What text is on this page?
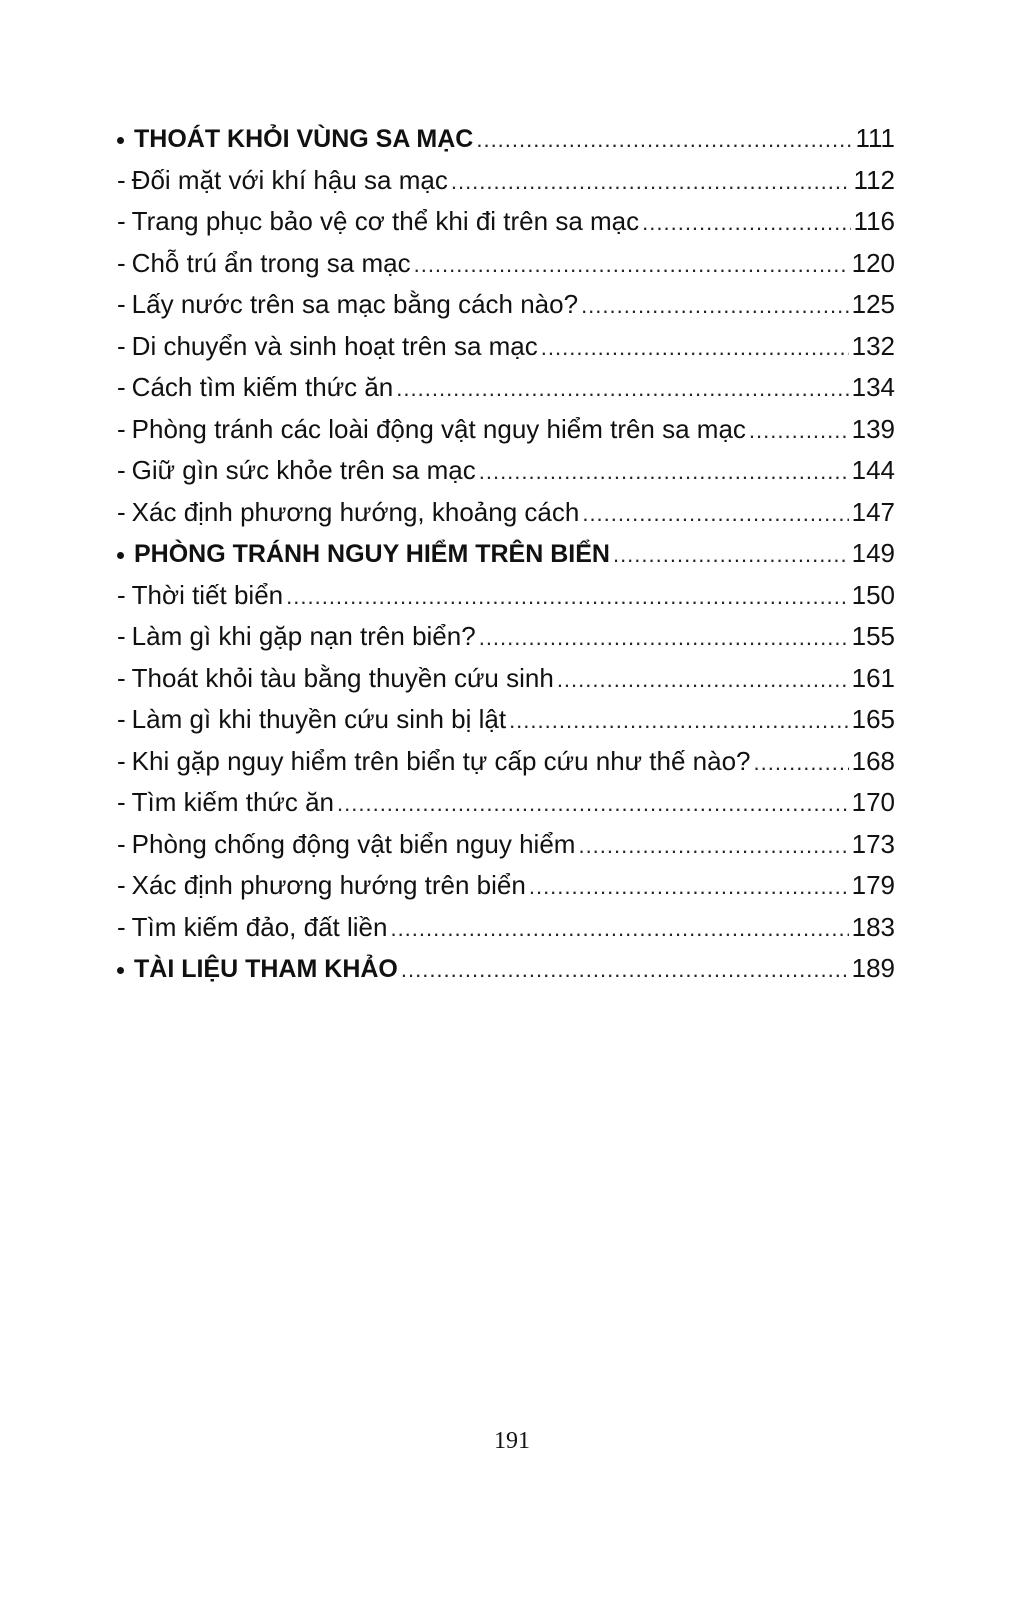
THOÁT KHỎI VÙNG SA MẠC .....	111
- Đối mặt với khí hậu sa mạc .....	112
- Trang phục bảo vệ cơ thể khi đi trên sa mạc .....	116
- Chỗ trú ẩn trong sa mạc .....	120
- Lấy nước trên sa mạc bằng cách nào? .....	125
- Di chuyển và sinh hoạt trên sa mạc .....	132
- Cách tìm kiếm thức ăn .....	134
- Phòng tránh các loài động vật nguy hiểm trên sa mạc .....	139
- Giữ gìn sức khỏe trên sa mạc .....	144
- Xác định phương hướng, khoảng cách .....	147
PHÒNG TRÁNH NGUY HIỂM TRÊN BIỂN .....	149
- Thời tiết biển .....	150
- Làm gì khi gặp nạn trên biển? .....	155
- Thoát khỏi tàu bằng thuyền cứu sinh .....	161
- Làm gì khi thuyền cứu sinh bị lật .....	165
- Khi gặp nguy hiểm trên biển tự cấp cứu như thế nào? .....	168
- Tìm kiếm thức ăn .....	170
- Phòng chống động vật biển nguy hiểm .....	173
- Xác định phương hướng trên biển .....	179
- Tìm kiếm đảo, đất liền .....	183
TÀI LIỆU THAM KHẢO .....	189
191
